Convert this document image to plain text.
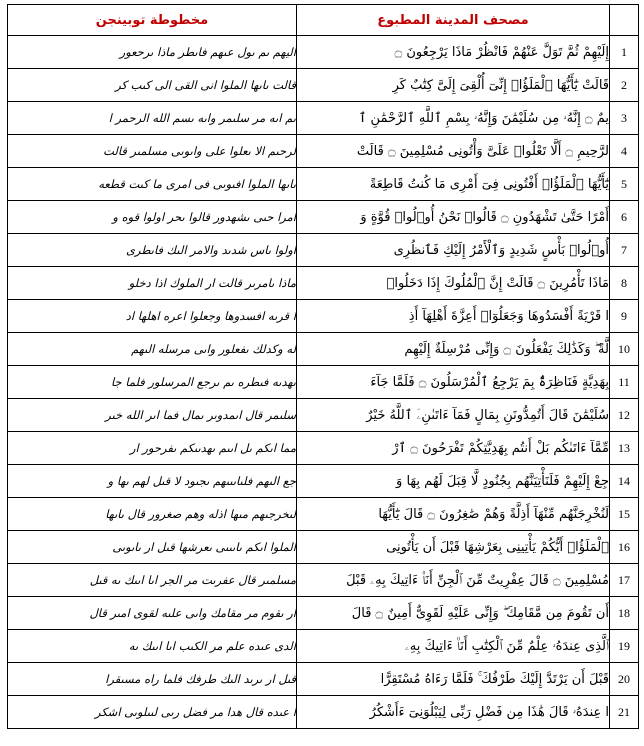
مخطوطة توبينجن	مصحف المدينة المطبوع	
اليهم ىم ىول عىهم فاىطر ماذا ىرحعور	إِلَيْهِمْ ثُمَّ تَوَلَّ عَنْهُمْ فَانْظُرْ مَاذَا يَرْجِعُونَ ۝	1
قالت ىاىها الملوا انى القى الى كىب كر	قَالَتْ يَٰٓأَيُّهَا ٱلْمَلَؤُا۟ إِنِّىٓ أُلْقِىَ إِلَىَّ كِتَٰبٌ كَرِ	2
ىم اىه مر سلىمر واىه ىسم الله الرحمر ا	يمٌ ۝ إِنَّهُۥ مِن سُلَيْمَٰنَ وَإِنَّهُۥ بِسْمِ ٱللَّهِ ٱلرَّحْمَٰنِ ٱ	3
لرحىم الا ىعلوا على واىوىى مسلمىر قالت	لرَّحِيمِ ۝ أَلَّا تَعْلُوا۟ عَلَىَّ وَأْتُونِى مُسْلِمِينَ ۝ قَالَتْ	4
ىاىها الملوا افىوىى فى امرى ما كىت قطعه	يَٰٓأَيُّهَا ٱلْمَلَؤُا۟ أَفْتُونِى فِىٓ أَمْرِى مَا كُنتُ قَاطِعَةً	5
امرا حىى ىشهدور قالوا ىحر اولوا قوه و	أَمْرًا حَتَّىٰ تَشْهَدُونِ ۝ قَالُوا۟ نَحْنُ أُو۟لُوا۟ قُوَّةٍ وَ	6
اولوا ىاس شدىد والامر الىك فاىطرى	أُو۟لُوا۟ بَأْسٍ شَدِيدٍ وَٱلْأَمْرُ إِلَيْكِ فَٱنظُرِى	7
ماذا ىامرىر قالت ار الملوك اذا دخلو	مَاذَا تَأْمُرِينَ ۝ قَالَتْ إِنَّ ٱلْمُلُوكَ إِذَا دَخَلُوا۟	8
ا قرىه افسدوها وجعلوا اعره اهلها اد	ا قَرْيَةً أَفْسَدُوهَا وَجَعَلُوٓا۟ أَعِزَّةَ أَهْلِهَآ أَذِ	9
له وكدلك ىفعلور واىى مرسله الىهم	لَّةً ۖ وَكَذَٰلِكَ يَفْعَلُونَ ۝ وَإِنِّى مُرْسِلَةٌ إِلَيْهِم	10
ىهدىه فىطره ىم ىرجع المرسلور فلما جا	بِهَدِيَّةٍ فَنَاظِرَةٌۢ بِمَ يَرْجِعُ ٱلْمُرْسَلُونَ ۝ فَلَمَّا جَآءَ	11
سلىمر قال اىمدوىر ىمال فما اىر الله خىر	سُلَيْمَٰنَ قَالَ أَتُمِدُّونَنِ بِمَالٍ فَمَآ ءَاتَىٰنِۦَ ٱللَّهُ خَيْرٌ	12
مما اىكم ىل اىىم ىهدىىكم ىفرحور ار	مِّمَّآ ءَاتَىٰكُم بَلْ أَنتُم بِهَدِيَّتِكُمْ تَفْرَحُونَ ۝ ٱرْ	13
جع الىهم فلىاىىىهم ىجىود لا قىل لهم ىها و	جِعْ إِلَيْهِمْ فَلَنَأْتِيَنَّهُم بِجُنُودٍ لَّا قِبَلَ لَهُم بِهَا وَ	14
لىخرجىهم مىها اذله وهم صغرور قال ىاىها	لَنُخْرِجَنَّهُم مِّنْهَآ أَذِلَّةً وَهُمْ صَٰغِرُونَ ۝ قَالَ يَٰٓأَيُّهَا	15
الملوا اىكم ىاىىىى ىعرشها قىل ار ىاىوىى	ٱلْمَلَؤُا۟ أَيُّكُمْ يَأْتِينِى بِعَرْشِهَا قَبْلَ أَن يَأْتُونِى	16
مسلمىر قال عفرىت مر الجر اىا اىىك ىه قىل	مُسْلِمِينَ ۝ قَالَ عِفْرِيتٌ مِّنَ ٱلْجِنِّ أَنَا۠ ءَاتِيكَ بِهِۦ قَبْلَ	17
ار ىقوم مر مقامك واىى علىه لقوى امىر قال	أَن تَقُومَ مِن مَّقَامِكَ ۖ وَإِنِّى عَلَيْهِ لَقَوِىٌّ أَمِينٌ ۝ قَالَ	18
الدى عىده علم مر الكىب اىا اىىك ىه	ٱلَّذِى عِندَهُۥ عِلْمٌ مِّنَ ٱلْكِتَٰبِ أَنَا۠ ءَاتِيكَ بِهِۦ	19
قىل ار ىرىد الىك طرفك فلما راه مسىقرا	قَبْلَ أَن يَرْتَدَّ إِلَيْكَ طَرْفُكَ ۚ فَلَمَّا رَءَاهُ مُسْتَقِرًّا	20
ا عىده قال هدا مر فضل رىى لىىلوىى اشكر	ا عِندَهُۥ قَالَ هَٰذَا مِن فَضْلِ رَبِّى لِيَبْلُوَنِىٓ ءَأَشْكُرُ	21
